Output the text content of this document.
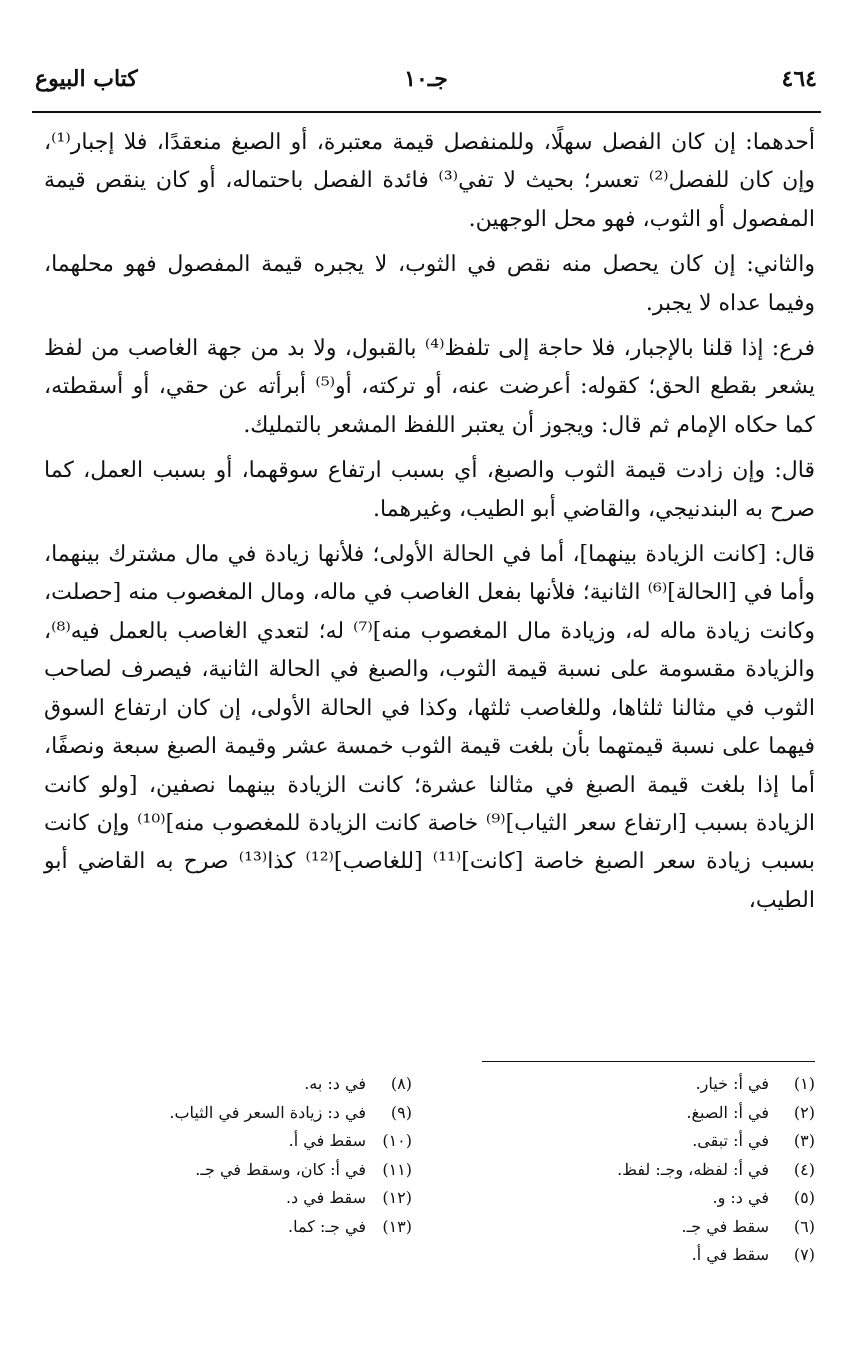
٤٦٤
جـ١٠
كتاب البيوع

أحدهما: إن كان الفصل سهلًا، وللمنفصل قيمة معتبرة، أو الصبغ منعقدًا، فلا إجبار⁽¹⁾، وإن كان للفصل⁽²⁾ تعسر؛ بحيث لا تفي⁽³⁾ فائدة الفصل باحتماله، أو كان ينقص قيمة المفصول أو الثوب، فهو محل الوجهين.

والثاني: إن كان يحصل منه نقص في الثوب، لا يجبره قيمة المفصول فهو محلهما، وفيما عداه لا يجبر.

فرع: إذا قلنا بالإجبار، فلا حاجة إلى تلفظ⁽⁴⁾ بالقبول، ولا بد من جهة الغاصب من لفظ يشعر بقطع الحق؛ كقوله: أعرضت عنه، أو تركته، أو⁽⁵⁾ أبرأته عن حقي، أو أسقطته، كما حكاه الإمام ثم قال: ويجوز أن يعتبر اللفظ المشعر بالتمليك.

قال: وإن زادت قيمة الثوب والصبغ، أي بسبب ارتفاع سوقهما، أو بسبب العمل، كما صرح به البندنيجي، والقاضي أبو الطيب، وغيرهما.

قال: [كانت الزيادة بينهما]، أما في الحالة الأولى؛ فلأنها زيادة في مال مشترك بينهما، وأما في [الحالة]⁽⁶⁾ الثانية؛ فلأنها بفعل الغاصب في ماله، ومال المغصوب منه [حصلت، وكانت زيادة ماله له، وزيادة مال المغصوب منه]⁽⁷⁾ له؛ لتعدي الغاصب بالعمل فيه⁽⁸⁾، والزيادة مقسومة على نسبة قيمة الثوب، والصبغ في الحالة الثانية، فيصرف لصاحب الثوب في مثالنا ثلثاها، وللغاصب ثلثها، وكذا في الحالة الأولى، إن كان ارتفاع السوق فيهما على نسبة قيمتهما بأن بلغت قيمة الثوب خمسة عشر وقيمة الصبغ سبعة ونصفًا، أما إذا بلغت قيمة الصبغ في مثالنا عشرة؛ كانت الزيادة بينهما نصفين، [ولو كانت الزيادة بسبب [ارتفاع سعر الثياب]⁽⁹⁾ خاصة كانت الزيادة للمغصوب منه]⁽¹⁰⁾ وإن كانت بسبب زيادة سعر الصبغ خاصة [كانت]⁽¹¹⁾ [للغاصب]⁽¹²⁾ كذا⁽¹³⁾ صرح به القاضي أبو الطيب،

(١)في أ: خيار.
(٢)في أ: الصبغ.
(٣)في أ: تبقى.
(٤)في أ: لفظه، وجـ: لفظ.
(٥)في د: و.
(٦)سقط في جـ.
(٧)سقط في أ.
(٨)في د: به.
(٩)في د: زيادة السعر في الثياب.
(١٠)سقط في أ.
(١١)في أ: كان، وسقط في جـ.
(١٢)سقط في د.
(١٣)في جـ: كما.
